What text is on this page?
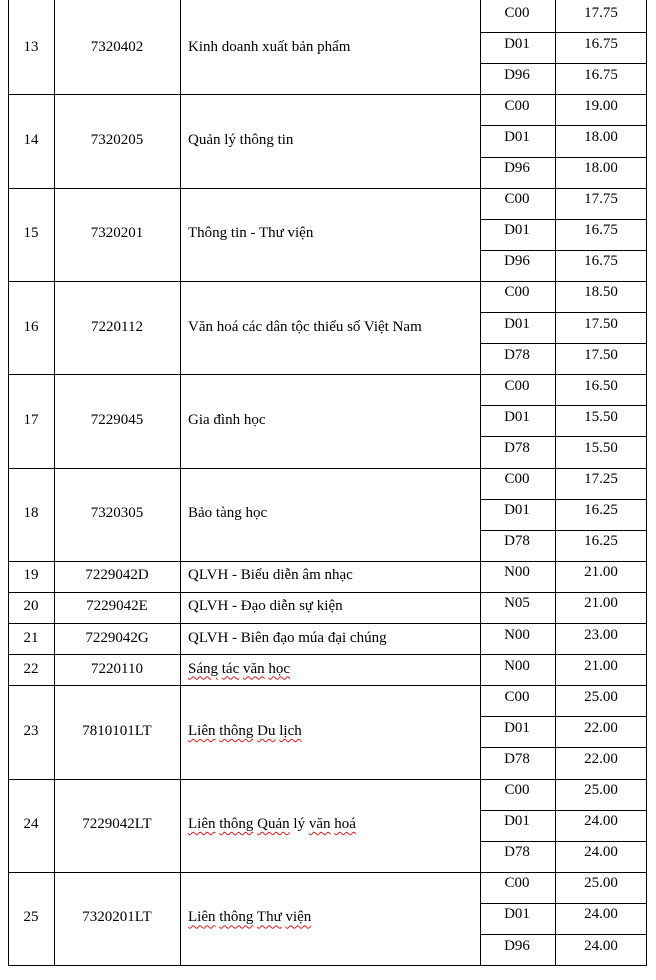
13	7320402	Kinh doanh xuất bản phẩm
C00	17.75
D01	16.75
D96	16.75
14	7320205	Quản lý thông tin
C00	19.00
D01	18.00
D96	18.00
15	7320201	Thông tin - Thư viện
C00	17.75
D01	16.75
D96	16.75
16	7220112	Văn hoá các dân tộc thiểu số Việt Nam
C00	18.50
D01	17.50
D78	17.50
17	7229045	Gia đình học
C00	16.50
D01	15.50
D78	15.50
18	7320305	Bảo tàng học
C00	17.25
D01	16.25
D78	16.25
19	7229042D	QLVH - Biểu diễn âm nhạc	N00	21.00
20	7229042E	QLVH - Đạo diễn sự kiện	N05	21.00
21	7229042G	QLVH - Biên đạo múa đại chúng	N00	23.00
22	7220110	Sáng tác văn học	N00	21.00
23	7810101LT Liên thông Du lịch
C00	25.00
D01	22.00
D78	22.00
24	7229042LT Liên thông Quản lý văn hoá
C00	25.00
D01	24.00
D78	24.00
25	7320201LT Liên thông Thư viện
C00	25.00
D01	24.00
D96	24.00
